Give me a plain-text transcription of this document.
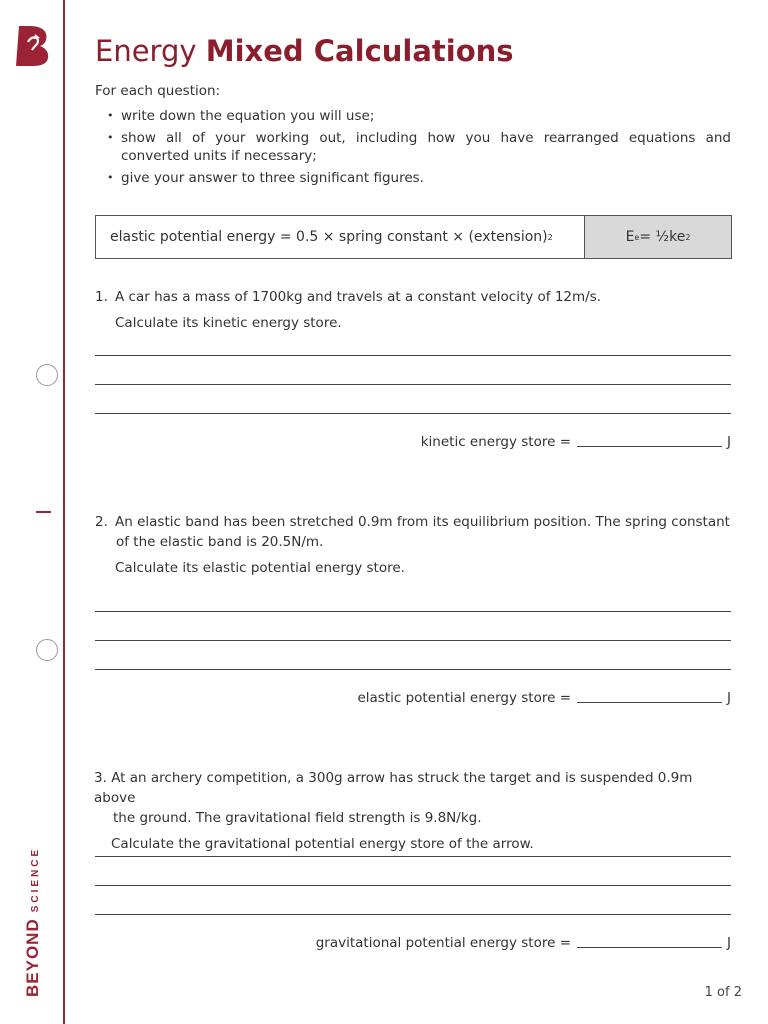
BEYONDSCIENCE
Energy Mixed Calculations
For each question:
• write down the equation you will use;
• show all of your working out, including how you have rearranged equations and converted units if necessary;
• give your answer to three significant figures.
elastic potential energy = 0.5 × spring constant × (extension) 2	E e = ½ke 2
1. A car has a mass of 1700kg and travels at a constant velocity of 12m/s.
Calculate its kinetic energy store.
kinetic energy store =	J
2. An elastic band has been stretched 0.9m from its equilibrium position. The spring constant
of the elastic band is 20.5N/m.
Calculate its elastic potential energy store.
elastic potential energy store =	J
3. At an archery competition, a 300g arrow has struck the target and is suspended 0.9m above
the ground. The gravitational field strength is 9.8N/kg.
Calculate the gravitational potential energy store of the arrow.
gravitational potential energy store =	J
1 of 2
